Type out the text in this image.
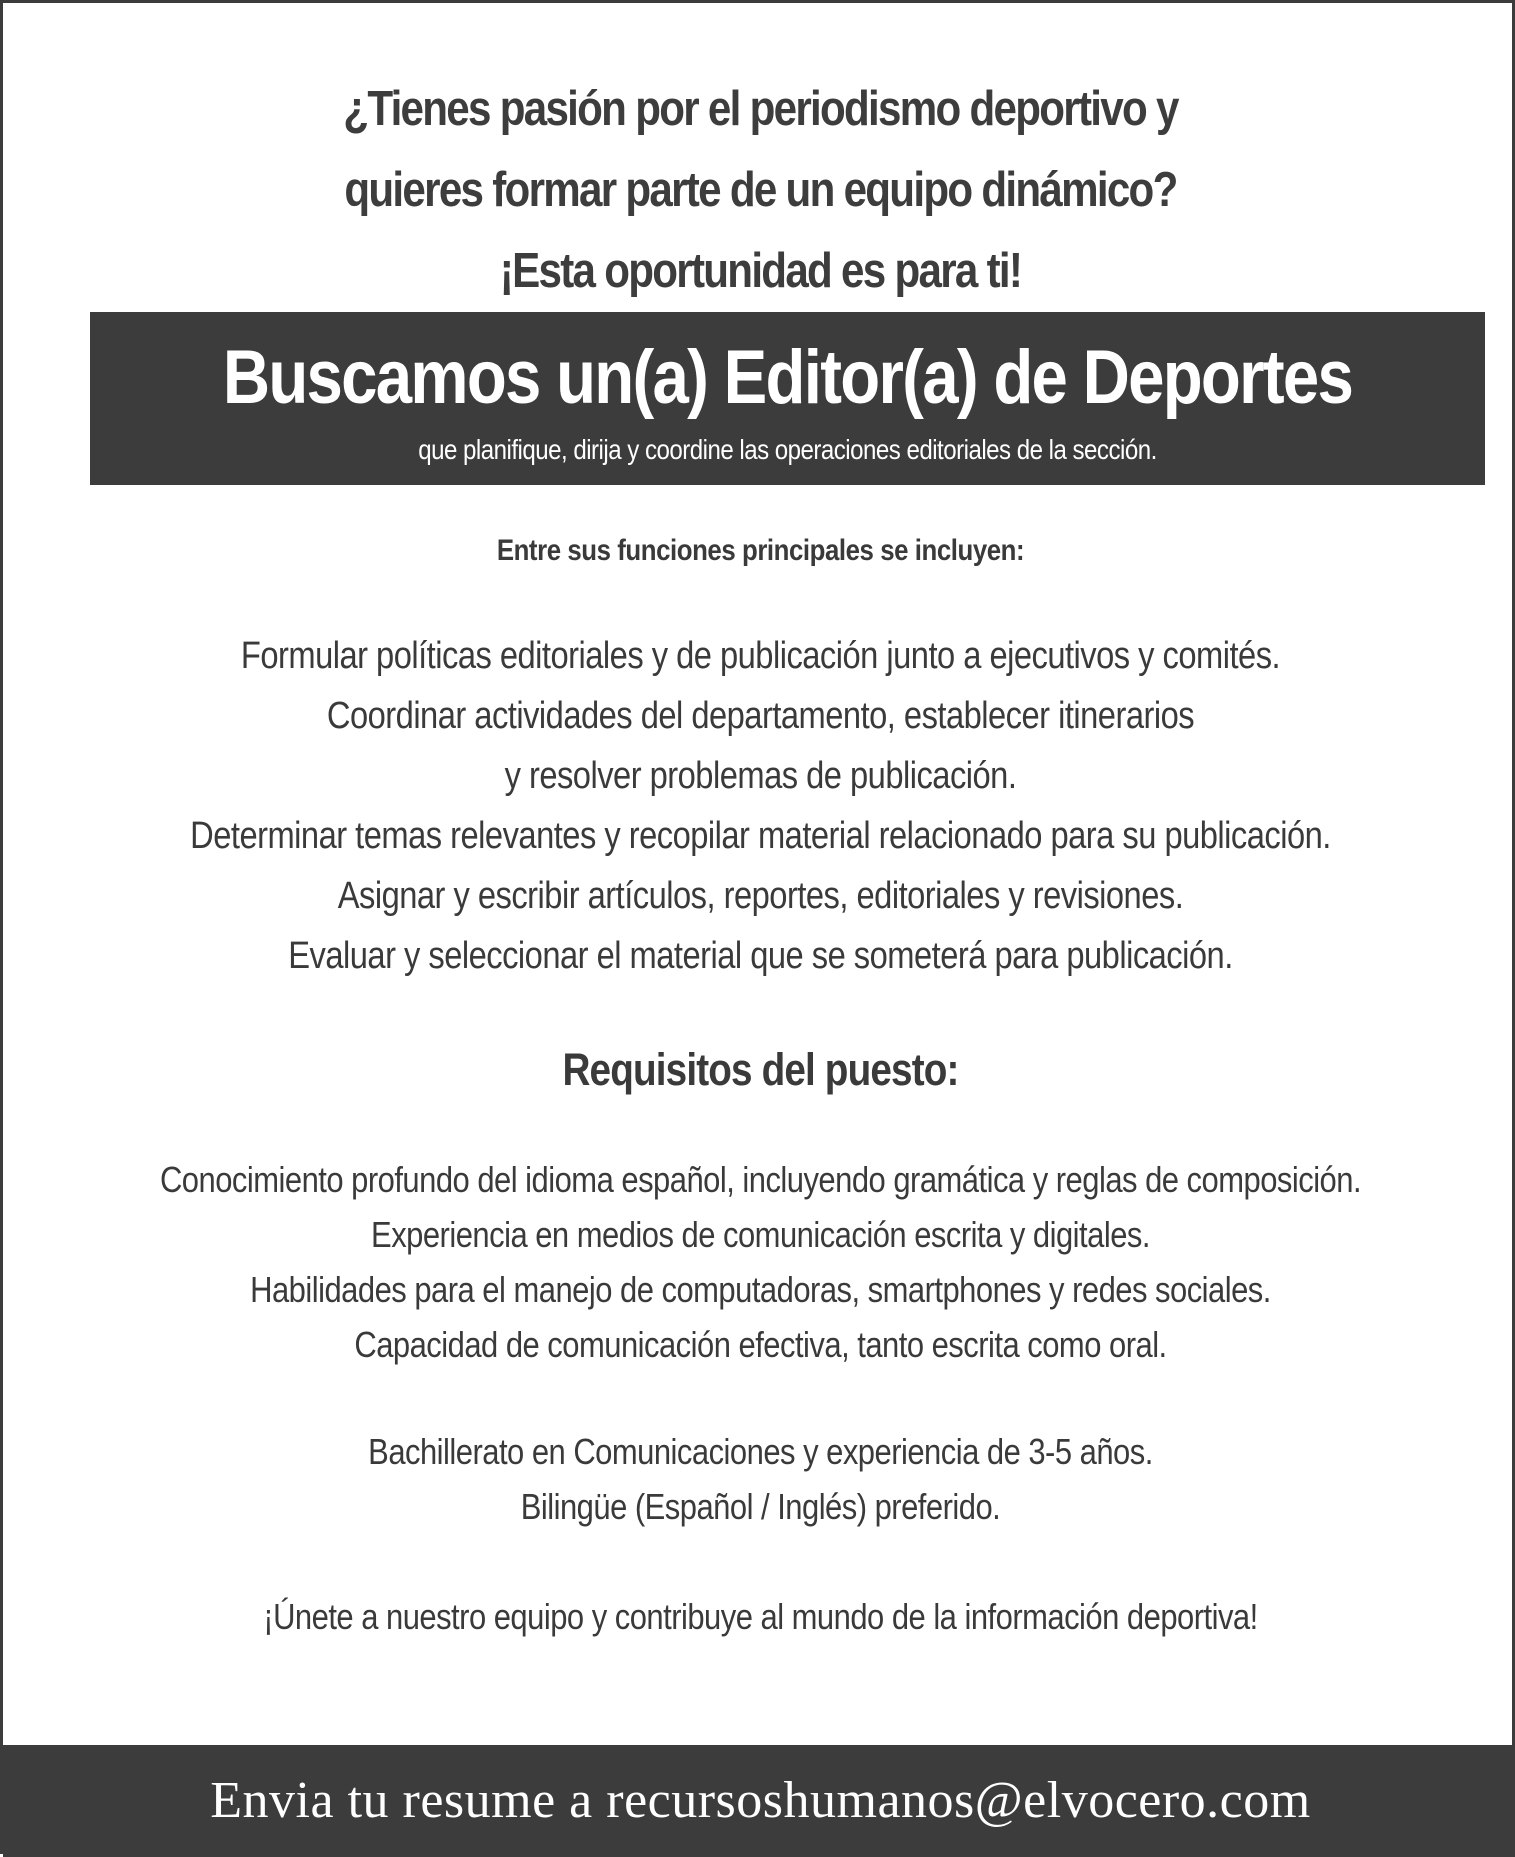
¿Tienes pasión por el periodismo deportivo y
quieres formar parte de un equipo dinámico?
¡Esta oportunidad es para ti!
Buscamos un(a) Editor(a) de Deportes
que planifique, dirija y coordine las operaciones editoriales de la sección.
Entre sus funciones principales se incluyen:
Formular políticas editoriales y de publicación junto a ejecutivos y comités.
Coordinar actividades del departamento, establecer itinerarios
y resolver problemas de publicación.
Determinar temas relevantes y recopilar material relacionado para su publicación.
Asignar y escribir artículos, reportes, editoriales y revisiones.
Evaluar y seleccionar el material que se someterá para publicación.
Requisitos del puesto:
Conocimiento profundo del idioma español, incluyendo gramática y reglas de composición.
Experiencia en medios de comunicación escrita y digitales.
Habilidades para el manejo de computadoras, smartphones y redes sociales.
Capacidad de comunicación efectiva, tanto escrita como oral.
Bachillerato en Comunicaciones y experiencia de 3-5 años.
Bilingüe (Español / Inglés) preferido.
¡Únete a nuestro equipo y contribuye al mundo de la información deportiva!
Envia tu resume a recursoshumanos@elvocero.com
